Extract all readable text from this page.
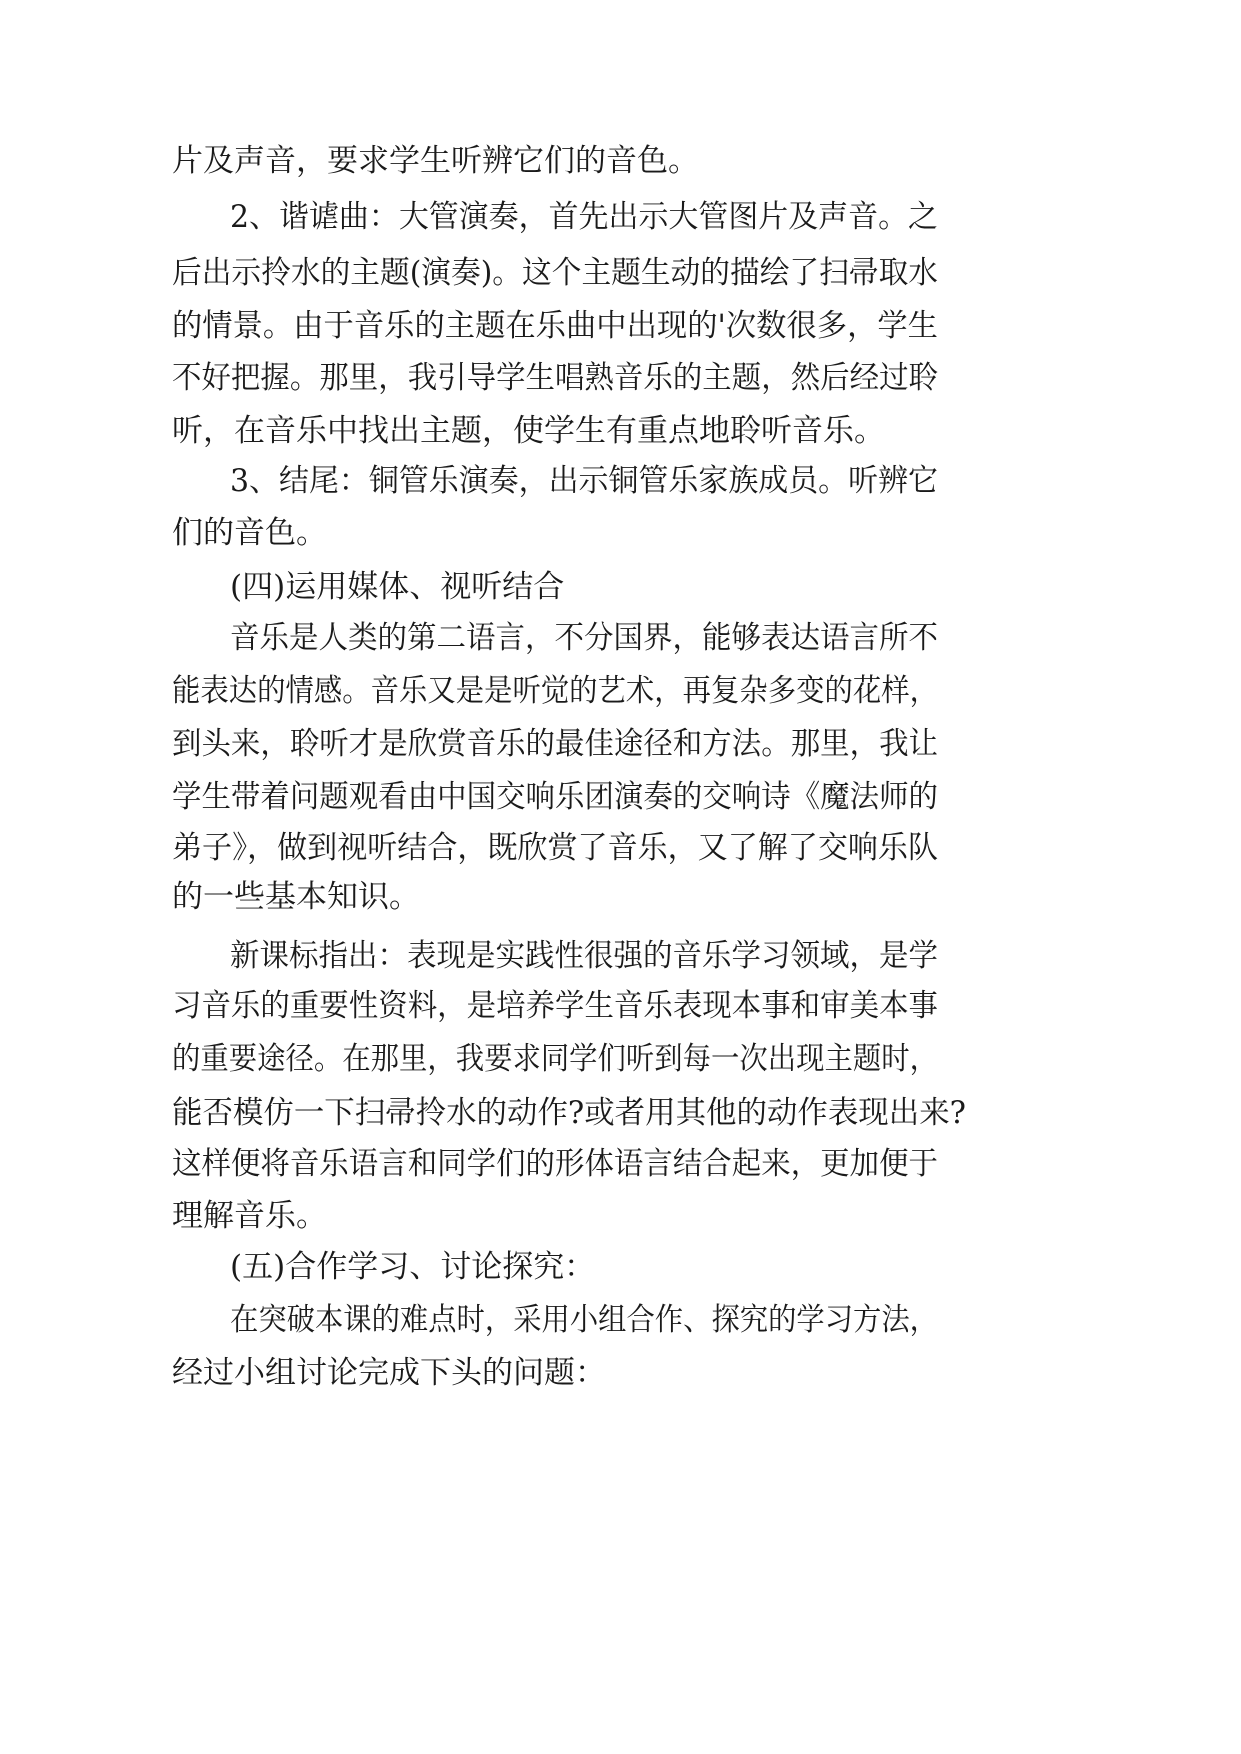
片及声音，要求学生听辨它们的音色。
2、谐谑曲：大管演奏，首先出示大管图片及声音。之
后出示拎水的主题(演奏)。这个主题生动的描绘了扫帚取水
的情景。由于音乐的主题在乐曲中出现的'次数很多，学生
不好把握。那里，我引导学生唱熟音乐的主题，然后经过聆
听，在音乐中找出主题，使学生有重点地聆听音乐。
3、结尾：铜管乐演奏，出示铜管乐家族成员。听辨它
们的音色。
(四)运用媒体、视听结合
音乐是人类的第二语言，不分国界，能够表达语言所不
能表达的情感。音乐又是是听觉的艺术，再复杂多变的花样，
到头来，聆听才是欣赏音乐的最佳途径和方法。那里，我让
学生带着问题观看由中国交响乐团演奏的交响诗《魔法师的
弟子》，做到视听结合，既欣赏了音乐，又了解了交响乐队
的一些基本知识。
新课标指出：表现是实践性很强的音乐学习领域，是学
习音乐的重要性资料，是培养学生音乐表现本事和审美本事
的重要途径。在那里，我要求同学们听到每一次出现主题时，
能否模仿一下扫帚拎水的动作?或者用其他的动作表现出来?
这样便将音乐语言和同学们的形体语言结合起来，更加便于
理解音乐。
(五)合作学习、讨论探究：
在突破本课的难点时，采用小组合作、探究的学习方法，
经过小组讨论完成下头的问题：
